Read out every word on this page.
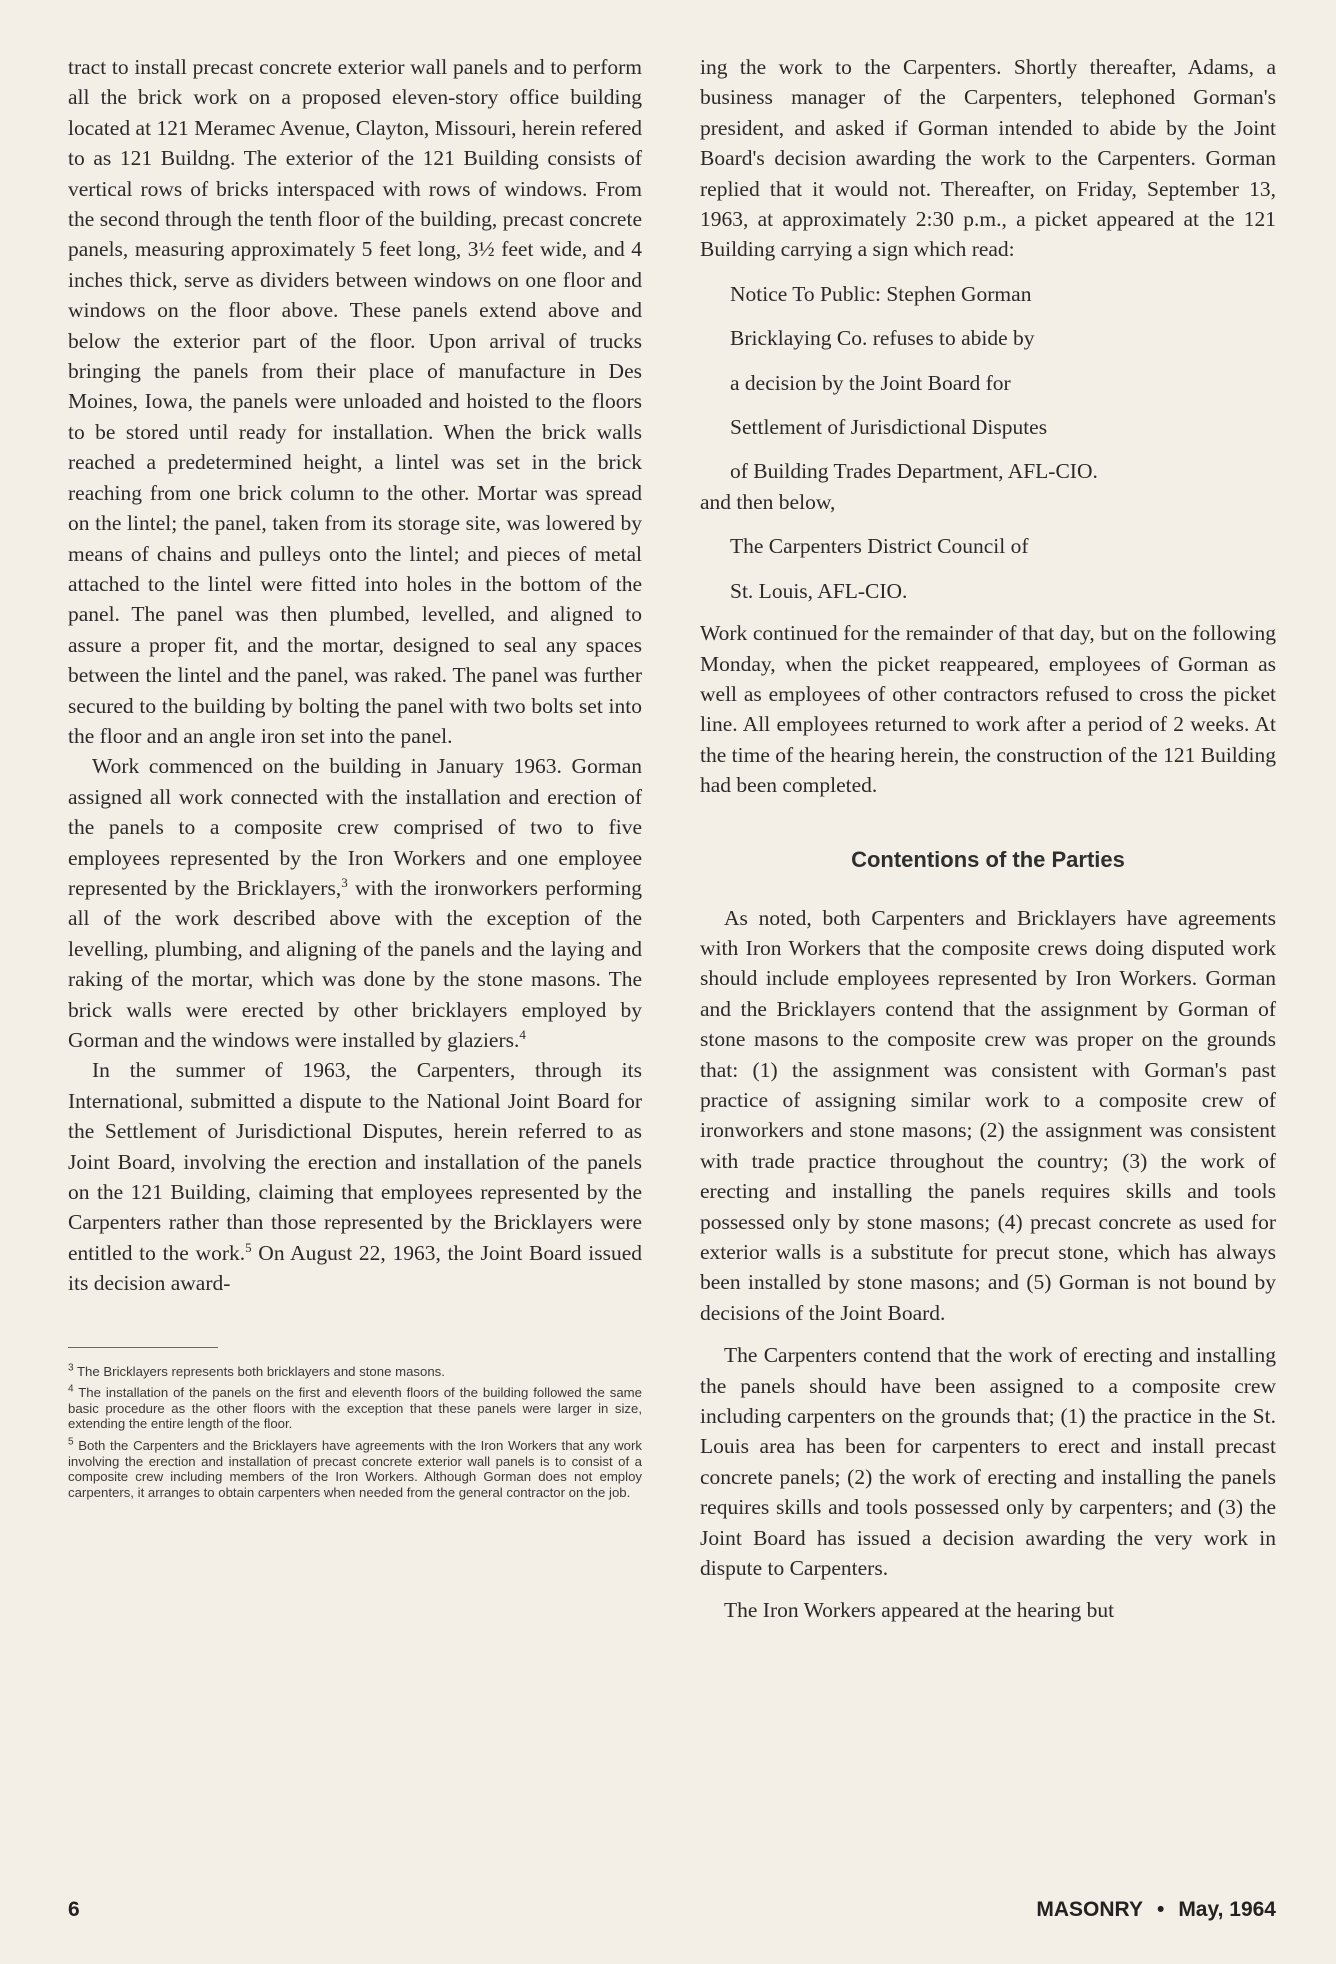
tract to install precast concrete exterior wall panels and to perform all the brick work on a proposed eleven-story office building located at 121 Meramec Avenue, Clayton, Missouri, herein refered to as 121 Buildng. The exterior of the 121 Building consists of vertical rows of bricks interspaced with rows of windows. From the second through the tenth floor of the building, precast concrete panels, measuring approximately 5 feet long, 3½ feet wide, and 4 inches thick, serve as dividers between windows on one floor and windows on the floor above. These panels extend above and below the exterior part of the floor. Upon arrival of trucks bringing the panels from their place of manufacture in Des Moines, Iowa, the panels were unloaded and hoisted to the floors to be stored until ready for installation. When the brick walls reached a predetermined height, a lintel was set in the brick reaching from one brick column to the other. Mortar was spread on the lintel; the panel, taken from its storage site, was lowered by means of chains and pulleys onto the lintel; and pieces of metal attached to the lintel were fitted into holes in the bottom of the panel. The panel was then plumbed, levelled, and aligned to assure a proper fit, and the mortar, designed to seal any spaces between the lintel and the panel, was raked. The panel was further secured to the building by bolting the panel with two bolts set into the floor and an angle iron set into the panel.

Work commenced on the building in January 1963. Gorman assigned all work connected with the installation and erection of the panels to a composite crew comprised of two to five employees represented by the Iron Workers and one employee represented by the Bricklayers,$^3$ with the ironworkers performing all of the work described above with the exception of the levelling, plumbing, and aligning of the panels and the laying and raking of the mortar, which was done by the stone masons. The brick walls were erected by other bricklayers employed by Gorman and the windows were installed by glaziers.$^4$

In the summer of 1963, the Carpenters, through its International, submitted a dispute to the National Joint Board for the Settlement of Jurisdictional Disputes, herein referred to as Joint Board, involving the erection and installation of the panels on the 121 Building, claiming that employees represented by the Carpenters rather than those represented by the Bricklayers were entitled to the work.$^5$ On August 22, 1963, the Joint Board issued its decision award-

$^3$ The Bricklayers represents both bricklayers and stone masons.

$^4$ The installation of the panels on the first and eleventh floors of the building followed the same basic procedure as the other floors with the exception that these panels were larger in size, extending the entire length of the floor.

$^5$ Both the Carpenters and the Bricklayers have agreements with the Iron Workers that any work involving the erection and installation of precast concrete exterior wall panels is to consist of a composite crew including members of the Iron Workers. Although Gorman does not employ carpenters, it arranges to obtain carpenters when needed from the general contractor on the job.

ing the work to the Carpenters. Shortly thereafter, Adams, a business manager of the Carpenters, telephoned Gorman's president, and asked if Gorman intended to abide by the Joint Board's decision awarding the work to the Carpenters. Gorman replied that it would not. Thereafter, on Friday, September 13, 1963, at approximately 2:30 p.m., a picket appeared at the 121 Building carrying a sign which read:

Notice To Public: Stephen Gorman

Bricklaying Co. refuses to abide by

a decision by the Joint Board for

Settlement of Jurisdictional Disputes

of Building Trades Department, AFL-CIO.

and then below,

The Carpenters District Council of

St. Louis, AFL-CIO.

Work continued for the remainder of that day, but on the following Monday, when the picket reappeared, employees of Gorman as well as employees of other contractors refused to cross the picket line. All employees returned to work after a period of 2 weeks. At the time of the hearing herein, the construction of the 121 Building had been completed.

Contentions of the Parties

As noted, both Carpenters and Bricklayers have agreements with Iron Workers that the composite crews doing disputed work should include employees represented by Iron Workers. Gorman and the Bricklayers contend that the assignment by Gorman of stone masons to the composite crew was proper on the grounds that: (1) the assignment was consistent with Gorman's past practice of assigning similar work to a composite crew of ironworkers and stone masons; (2) the assignment was consistent with trade practice throughout the country; (3) the work of erecting and installing the panels requires skills and tools possessed only by stone masons; (4) precast concrete as used for exterior walls is a substitute for precut stone, which has always been installed by stone masons; and (5) Gorman is not bound by decisions of the Joint Board.

The Carpenters contend that the work of erecting and installing the panels should have been assigned to a composite crew including carpenters on the grounds that; (1) the practice in the St. Louis area has been for carpenters to erect and install precast concrete panels; (2) the work of erecting and installing the panels requires skills and tools possessed only by carpenters; and (3) the Joint Board has issued a decision awarding the very work in dispute to Carpenters.

The Iron Workers appeared at the hearing but

6	MASONRY • May, 1964
